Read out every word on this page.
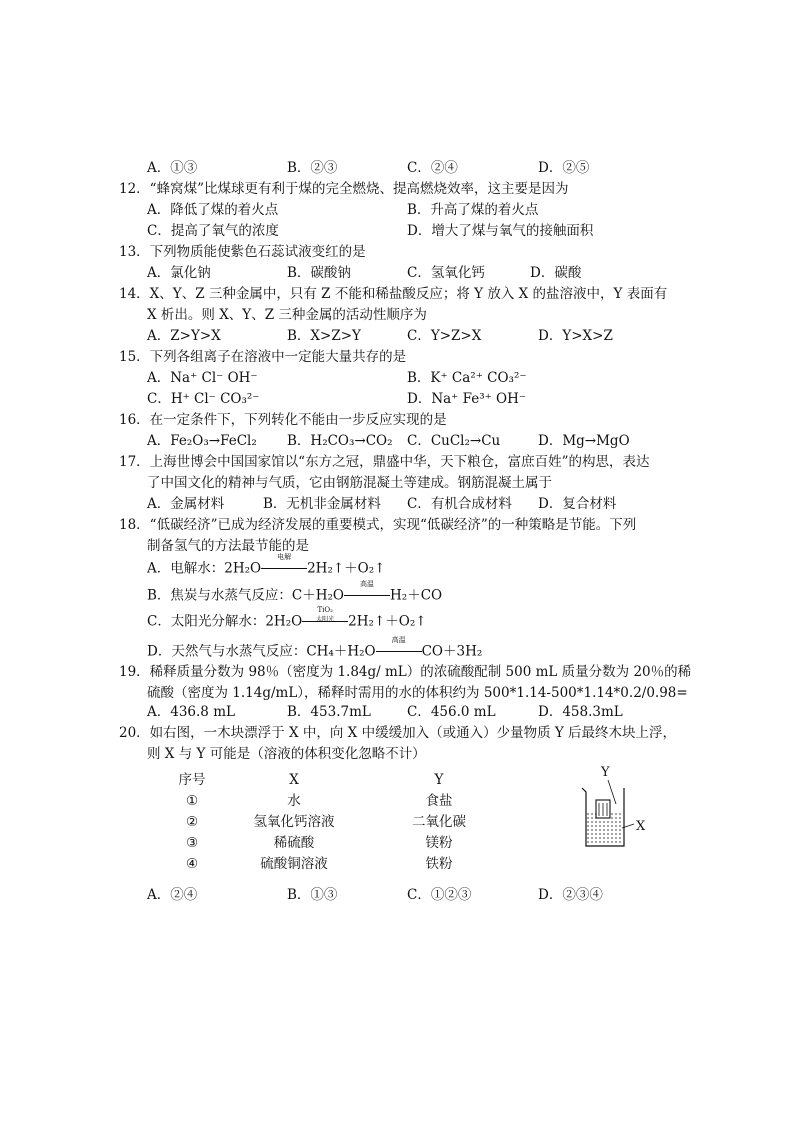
A．①③	B．②③	C．②④	D．②⑤
12．“蜂窝煤”比煤球更有利于煤的完全燃烧、提高燃烧效率，这主要是因为
A．降低了煤的着火点	B．升高了煤的着火点
C．提高了氧气的浓度	D．增大了煤与氧气的接触面积
13．下列物质能使紫色石蕊试液变红的是
A．氯化钠	B．碳酸钠	C．氢氧化钙	D．碳酸
14．X、Y、Z 三种金属中，只有 Z 不能和稀盐酸反应；将 Y 放入 X 的盐溶液中，Y 表面有
X 析出。则 X、Y、Z 三种金属的活动性顺序为
A．Z>Y>X	B．X>Z>Y	C．Y>Z>X	D．Y>X>Z
15．下列各组离子在溶液中一定能大量共存的是
A．Na⁺ Cl⁻ OH⁻	B．K⁺ Ca²⁺ CO₃²⁻
C．H⁺ Cl⁻ CO₃²⁻	D．Na⁺ Fe³⁺ OH⁻
16．在一定条件下，下列转化不能由一步反应实现的是
A．Fe₂O₃→FeCl₂ B．H₂CO₃→CO₂ C．CuCl₂→Cu	D．Mg→MgO
17．上海世博会中国国家馆以“东方之冠，鼎盛中华，天下粮仓，富庶百姓”的构思，表达
了中国文化的精神与气质，它由钢筋混凝土等建成。钢筋混凝土属于
A．金属材料	B．无机非金属材料 C．有机合成材料 D．复合材料
18．“低碳经济”已成为经济发展的重要模式，实现“低碳经济”的一种策略是节能。下列
制备氢气的方法最节能的是
A．电解水：2H₂O
电解
2H₂↑＋O₂↑
B．焦炭与水蒸气反应：C＋H₂O
高温
H₂＋CO
C．太阳光分解水：2H₂O
TiO₂
太阳光	2H₂↑＋O₂↑
D．天然气与水蒸气反应：CH₄＋H₂O
高温
CO＋3H₂
19．稀释质量分数为 98％（密度为 1.84g/ mL）的浓硫酸配制 500 mL 质量分数为 20％的稀
硫酸（密度为 1.14g/mL），稀释时需用的水的体积约为 500*1.14-500*1.14*0.2/0.98=
A．436.8 mL	B．453.7mL	C．456.0 mL	D．458.3mL
20．如右图，一木块漂浮于 X 中，向 X 中缓缓加入（或通入）少量物质 Y 后最终木块上浮，
则 X 与 Y 可能是（溶液的体积变化忽略不计）
序号	X	Y
①	水	食盐
②	氢氧化钙溶液	二氧化碳
③	稀硫酸	镁粉
④	硫酸铜溶液	铁粉
Y
X
A．②④	B．①③	C．①②③	D．②③④
